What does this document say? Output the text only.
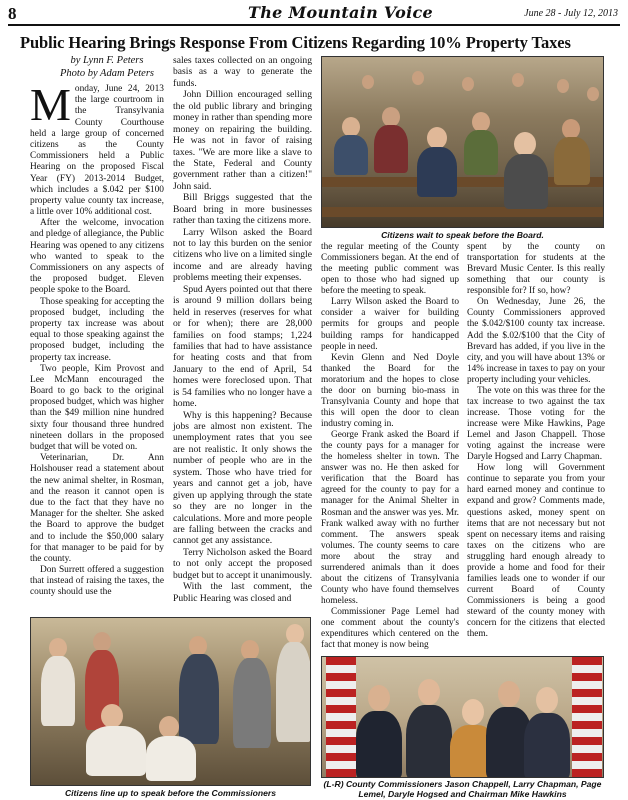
8	The Mountain Voice	June 28 - July 12, 2013
Public Hearing Brings Response From Citizens Regarding 10% Property Taxes
by Lynn F. Peters
Photo by Adam Peters

Monday, June 24, 2013 the large courtroom in the Transylvania County Courthouse held a large group of concerned citizens as the County Commissioners held a Public Hearing on the proposed Fiscal Year (FY) 2013-2014 Budget, which includes a $.042 per $100 property value county tax increase, a little over 10% additional cost.

After the welcome, invocation and pledge of allegiance, the Public Hearing was opened to any citizens who wanted to speak to the Commissioners on any aspects of the proposed budget. Eleven people spoke to the Board.

Those speaking for accepting the proposed budget, including the property tax increase was about equal to those speaking against the proposed budget, including the property tax increase.

Two people, Kim Provost and Lee McMann encouraged the Board to go back to the original proposed budget, which was higher than the $49 million nine hundred sixty four thousand three hundred nineteen dollars in the proposed budget that will be voted on.

Veterinarian, Dr. Ann Holshouser read a statement about the new animal shelter, in Rosman, and the reason it cannot open is due to the fact that they have no Manager for the shelter. She asked the Board to approve the budget and to include the $50,000 salary for that manager to be paid for by the county.

Don Surrett offered a suggestion that instead of raising the taxes, the county should use the

sales taxes collected on an ongoing basis as a way to generate the funds.

John Dillion encouraged selling the old public library and bringing money in rather than spending more money on repairing the building. He was not in favor of raising taxes. "We are more like a slave to the State, Federal and County government rather than a citizen!" John said.

Bill Briggs suggested that the Board bring in more businesses rather than taxing the citizens more.

Larry Wilson asked the Board not to lay this burden on the senior citizens who live on a limited single income and are already having problems meeting their expenses.

Spud Ayers pointed out that there is around 9 million dollars being held in reserves (reserves for what or for when); there are 28,000 families on food stamps; 1,224 families that had to have assistance for heating costs and that from January to the end of April, 54 homes were foreclosed upon. That is 54 families who no longer have a home.

Why is this happening? Because jobs are almost non existent. The unemployment rates that you see are not realistic. It only shows the number of people who are in the system. Those who have tried for years and cannot get a job, have given up applying through the state so they are no longer in the calculations. More and more people are falling between the cracks and cannot get any assistance.

Terry Nicholson asked the Board to not only accept the proposed budget but to accept it unanimously.

With the last comment, the Public Hearing was closed and

Citizens wait to speak before the Board.

the regular meeting of the County Commissioners began. At the end of the meeting public comment was open to those who had signed up before the meeting to speak.

Larry Wilson asked the Board to consider a waiver for building permits for groups and people building ramps for handicapped people in need.

Kevin Glenn and Ned Doyle thanked the Board for the moratorium and the hopes to close the door on burning bio-mass in Transylvania County and hope that this will open the door to clean industry coming in.

George Frank asked the Board if the county pays for a manager for the homeless shelter in town. The answer was no. He then asked for verification that the Board has agreed for the county to pay for a manager for the Animal Shelter in Rosman and the answer was yes. Mr. Frank walked away with no further comment. The answers speak volumes. The county seems to care more about the stray and surrendered animals than it does about the citizens of Transylvania County who have found themselves homeless.

Commissioner Page Lemel had one comment about the county's expenditures which centered on the fact that money is now being

spent by the county on transportation for students at the Brevard Music Center. Is this really something that our county is responsible for? If so, how?

On Wednesday, June 26, the County Commissioners approved the $.042/$100 county tax increase. Add the $.02/$100 that the City of Brevard has added, if you live in the city, and you will have about 13% or 14% increase in taxes to pay on your property including your vehicles.

The vote on this was three for the tax increase to two against the tax increase. Those voting for the increase were Mike Hawkins, Page Lemel and Jason Chappell. Those voting against the increase were Daryle Hogsed and Larry Chapman.

How long will Government continue to separate you from your hard earned money and continue to expand and grow? Comments made, questions asked, money spent on items that are not necessary but not spent on necessary items and raising taxes on the citizens who are struggling hard enough already to provide a home and food for their families leads one to wonder if our current Board of County Commissioners is being a good steward of the county money with concern for the citizens that elected them.

Citizens line up to speak before the Commissioners
(L-R) County Commissioners Jason Chappell, Larry Chapman, Page Lemel, Daryle Hogsed and Chairman Mike Hawkins
